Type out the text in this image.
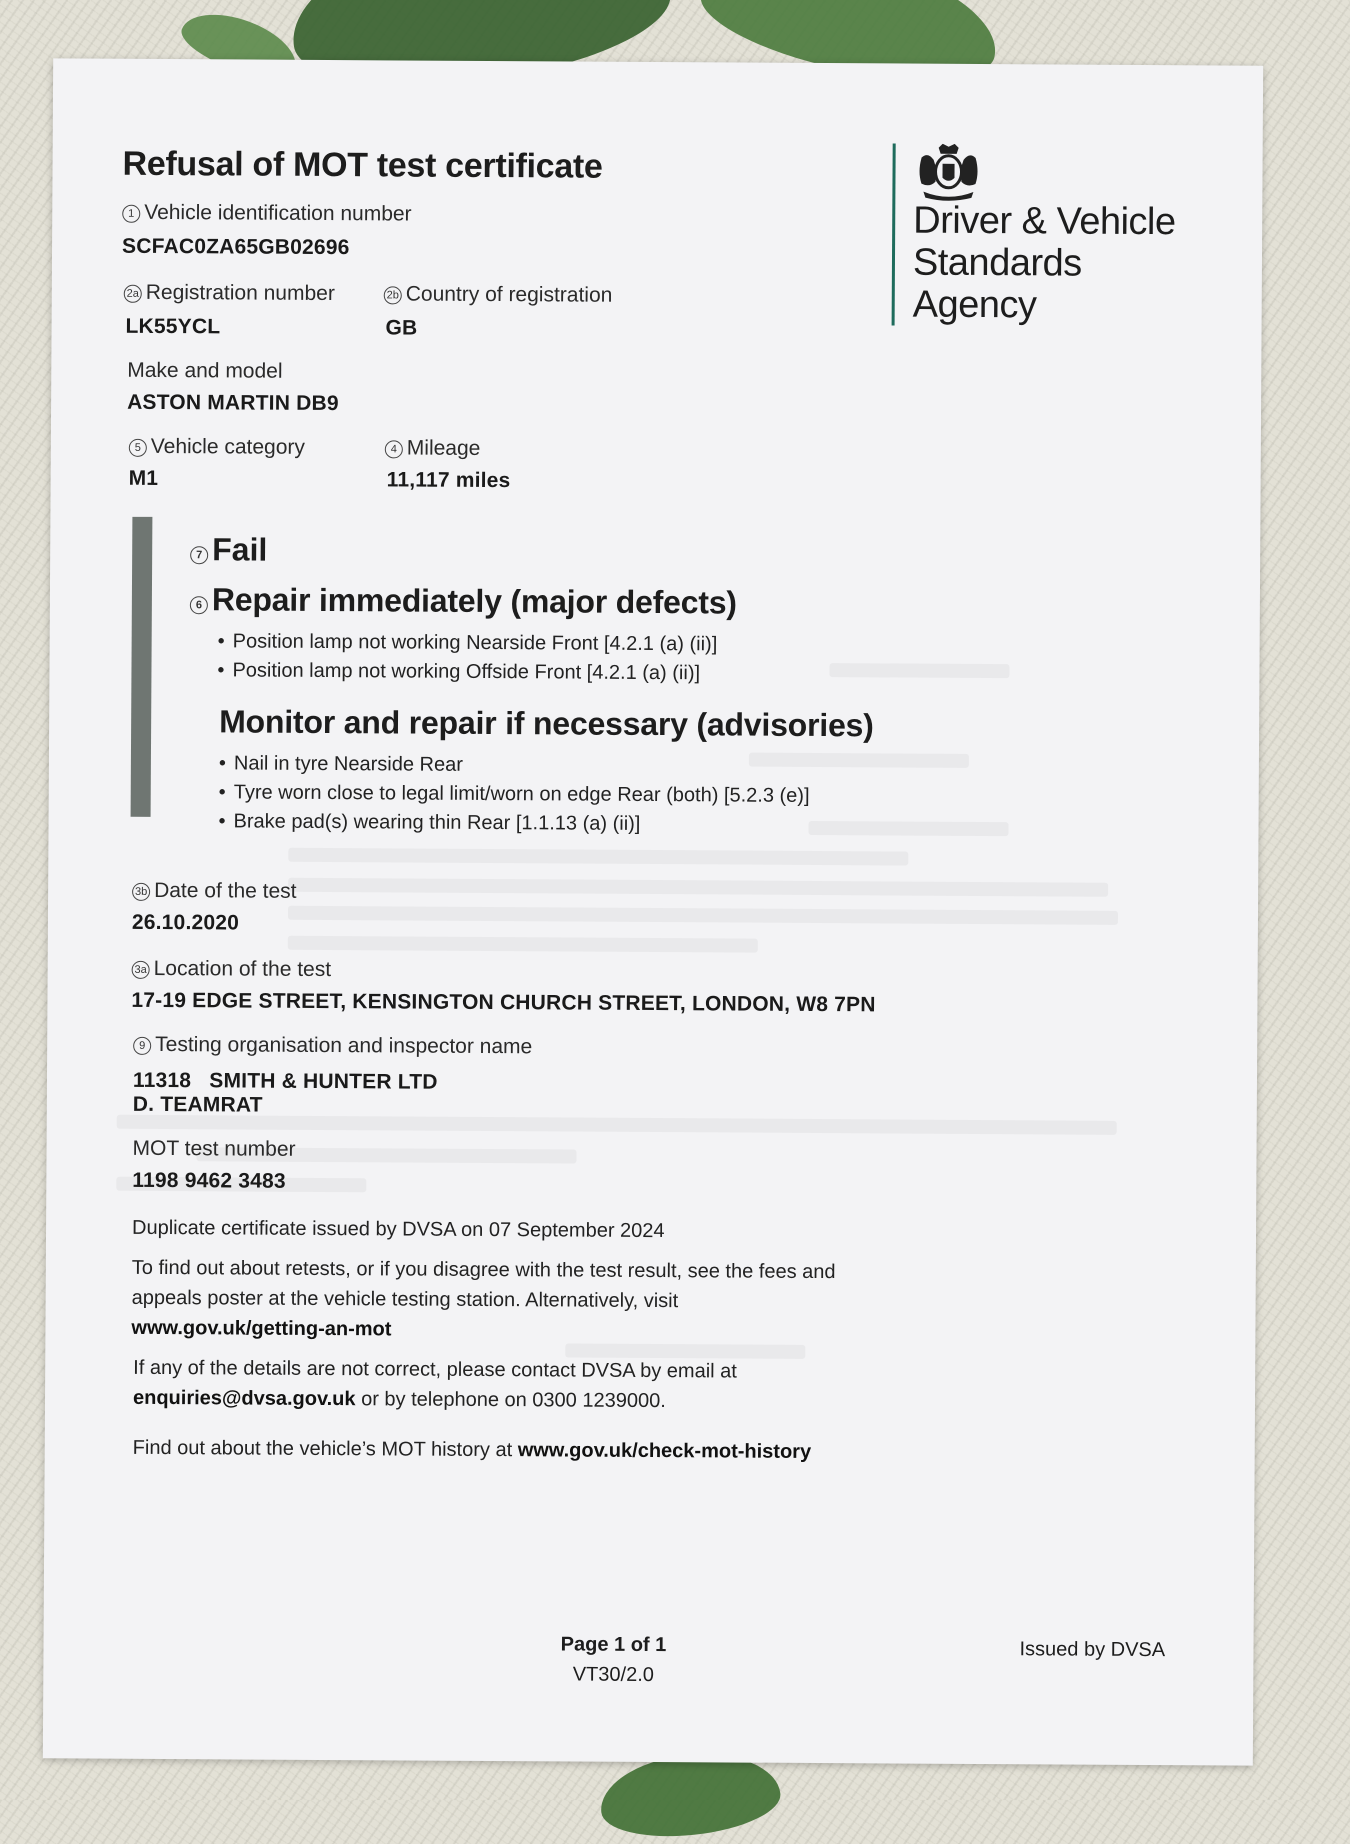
Refusal of MOT test certificate
1 Vehicle identification number
SCFAC0ZA65GB02696
2a Registration number
LK55YCL
2b Country of registration
GB
Make and model
ASTON MARTIN DB9
5 Vehicle category
M1
4 Mileage
11,117 miles
Driver & Vehicle
Standards
Agency
7 Fail
6 Repair immediately (major defects)
• Position lamp not working Nearside Front [4.2.1 (a) (ii)]
• Position lamp not working Offside Front [4.2.1 (a) (ii)]
Monitor and repair if necessary (advisories)
• Nail in tyre Nearside Rear
• Tyre worn close to legal limit/worn on edge Rear (both) [5.2.3 (e)]
• Brake pad(s) wearing thin Rear [1.1.13 (a) (ii)]
3b Date of the test
26.10.2020
3a Location of the test
17-19 EDGE STREET, KENSINGTON CHURCH STREET, LONDON, W8 7PN
9 Testing organisation and inspector name
11318 SMITH & HUNTER LTD
D. TEAMRAT
MOT test number
1198 9462 3483
Duplicate certificate issued by DVSA on 07 September 2024
To find out about retests, or if you disagree with the test result, see the fees and appeals poster at the vehicle testing station. Alternatively, visit
www.gov.uk/getting-an-mot
If any of the details are not correct, please contact DVSA by email at
enquiries@dvsa.gov.uk or by telephone on 0300 1239000.
Find out about the vehicle’s MOT history at www.gov.uk/check-mot-history
Page 1 of 1
VT30/2.0
Issued by DVSA
